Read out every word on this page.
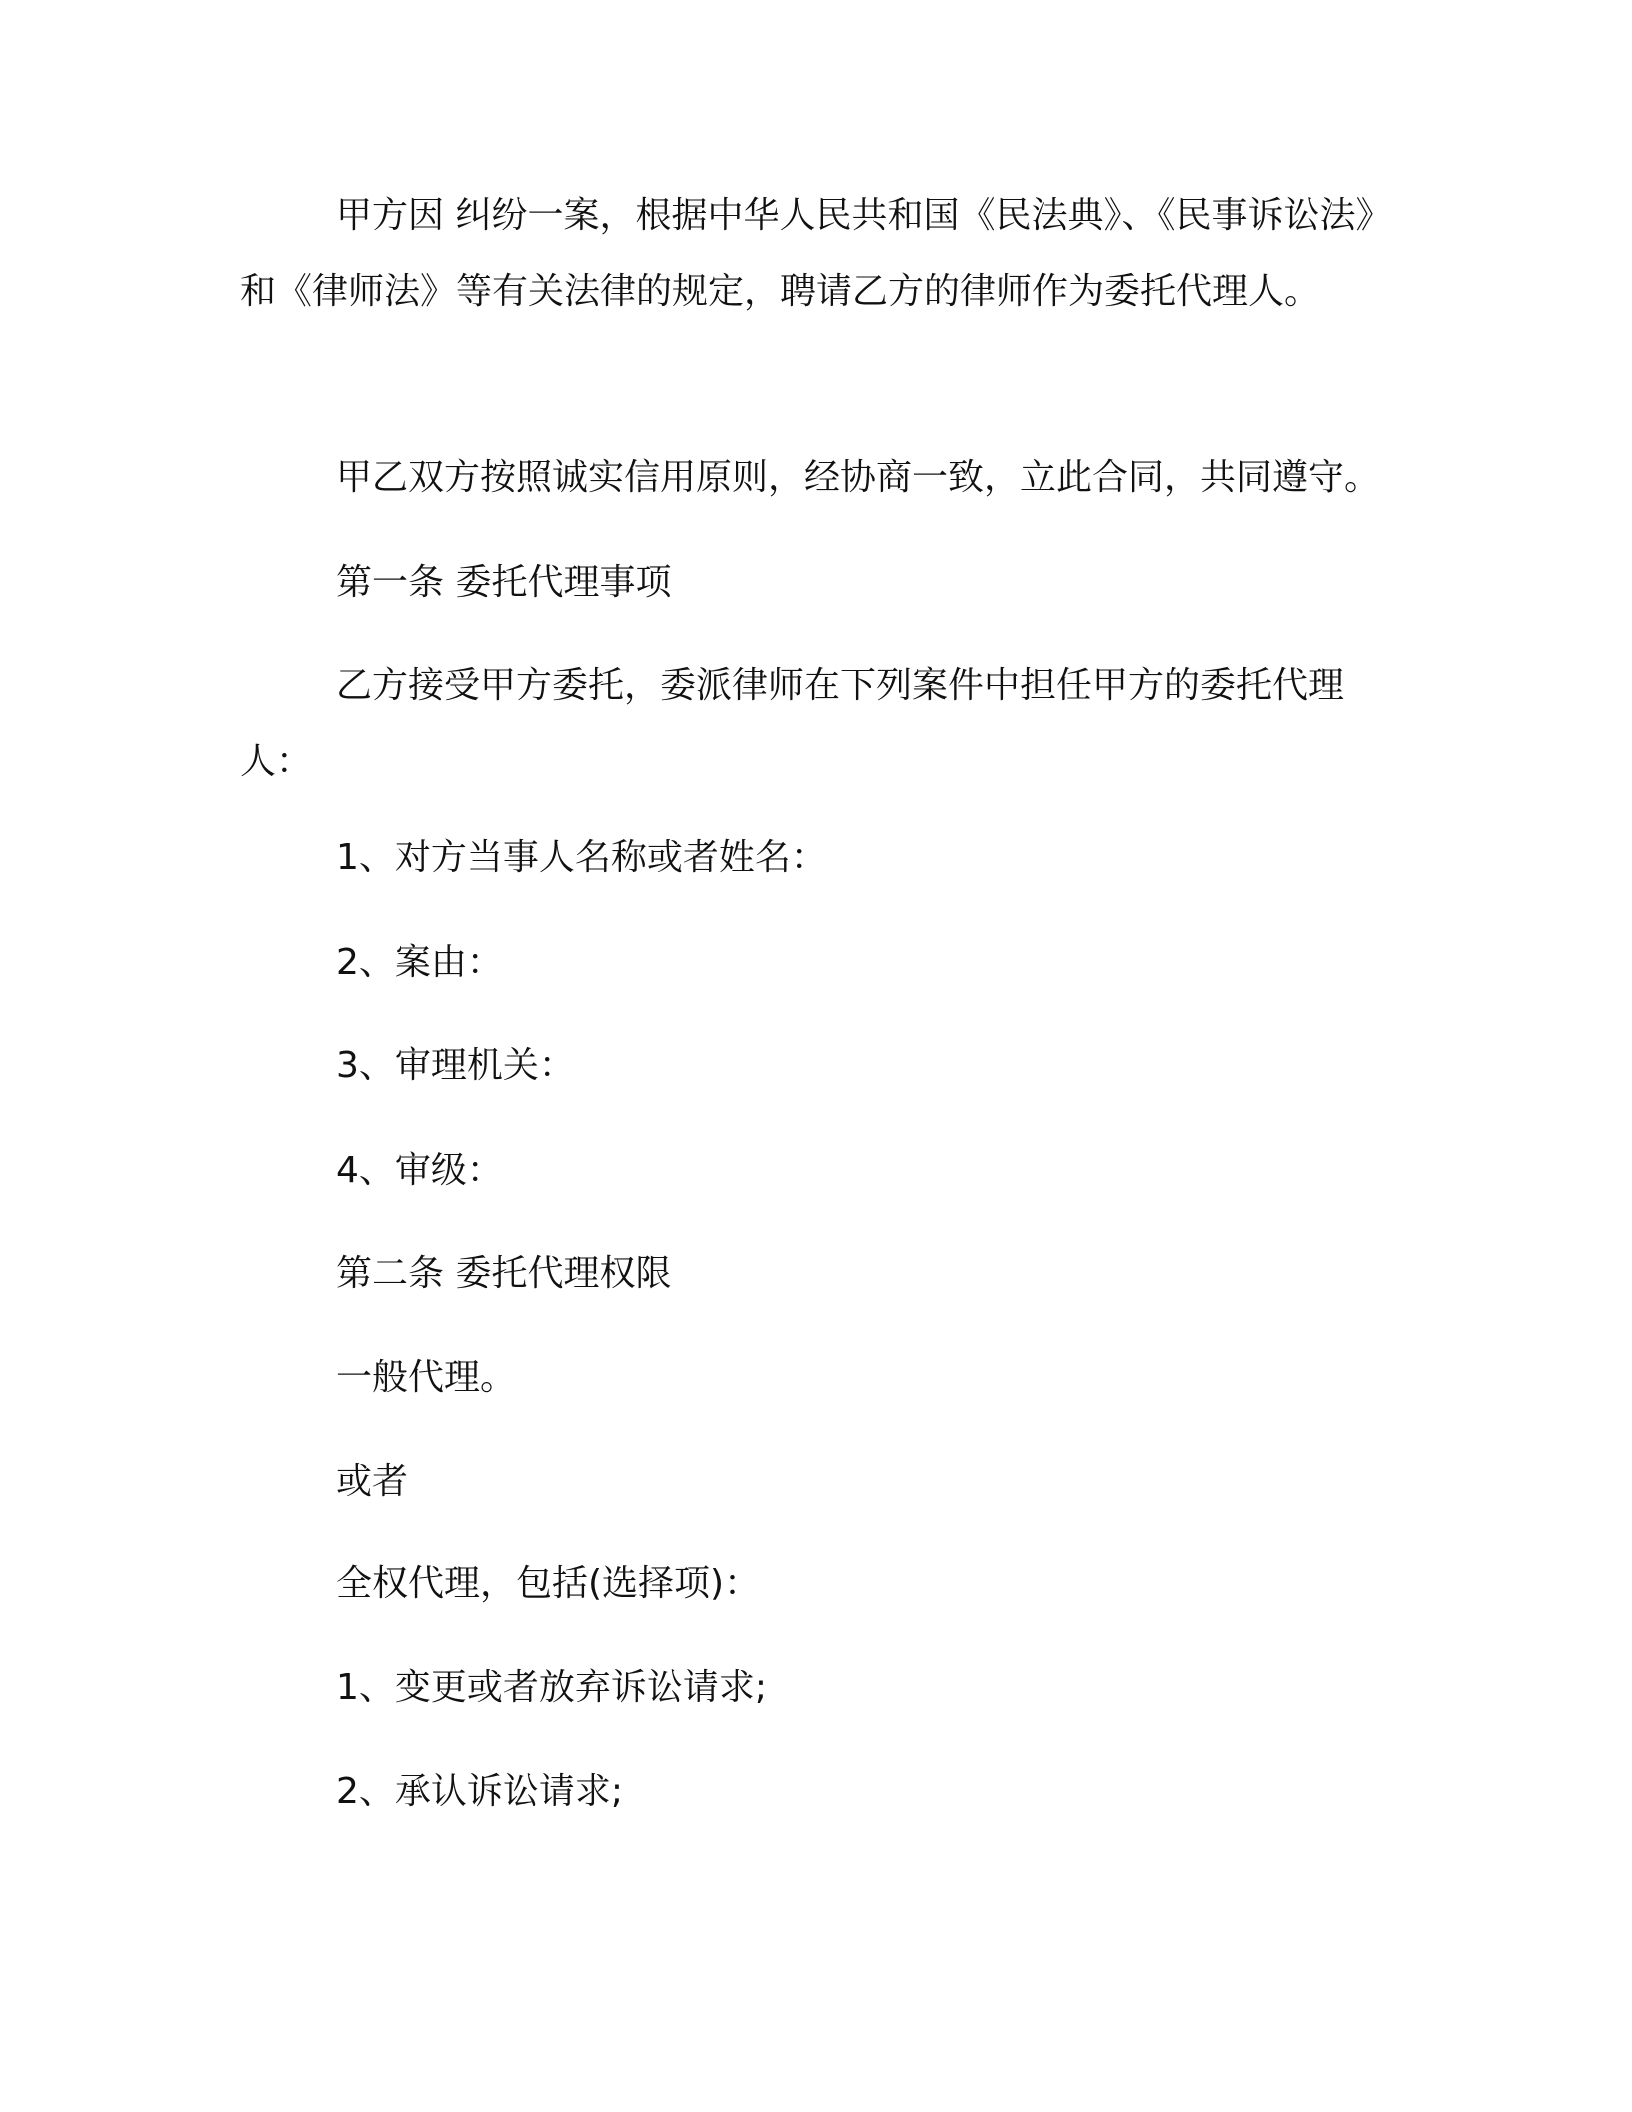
甲方因 纠纷一案，根据中华人民共和国《民法典》、《民事诉讼法》和《律师法》等有关法律的规定，聘请乙方的律师作为委托代理人。

甲乙双方按照诚实信用原则，经协商一致，立此合同，共同遵守。

第一条 委托代理事项

乙方接受甲方委托，委派律师在下列案件中担任甲方的委托代理人：

1、对方当事人名称或者姓名：

2、案由：

3、审理机关：

4、审级：

第二条 委托代理权限

一般代理。

或者

全权代理，包括(选择项)：

1、变更或者放弃诉讼请求;

2、承认诉讼请求;
